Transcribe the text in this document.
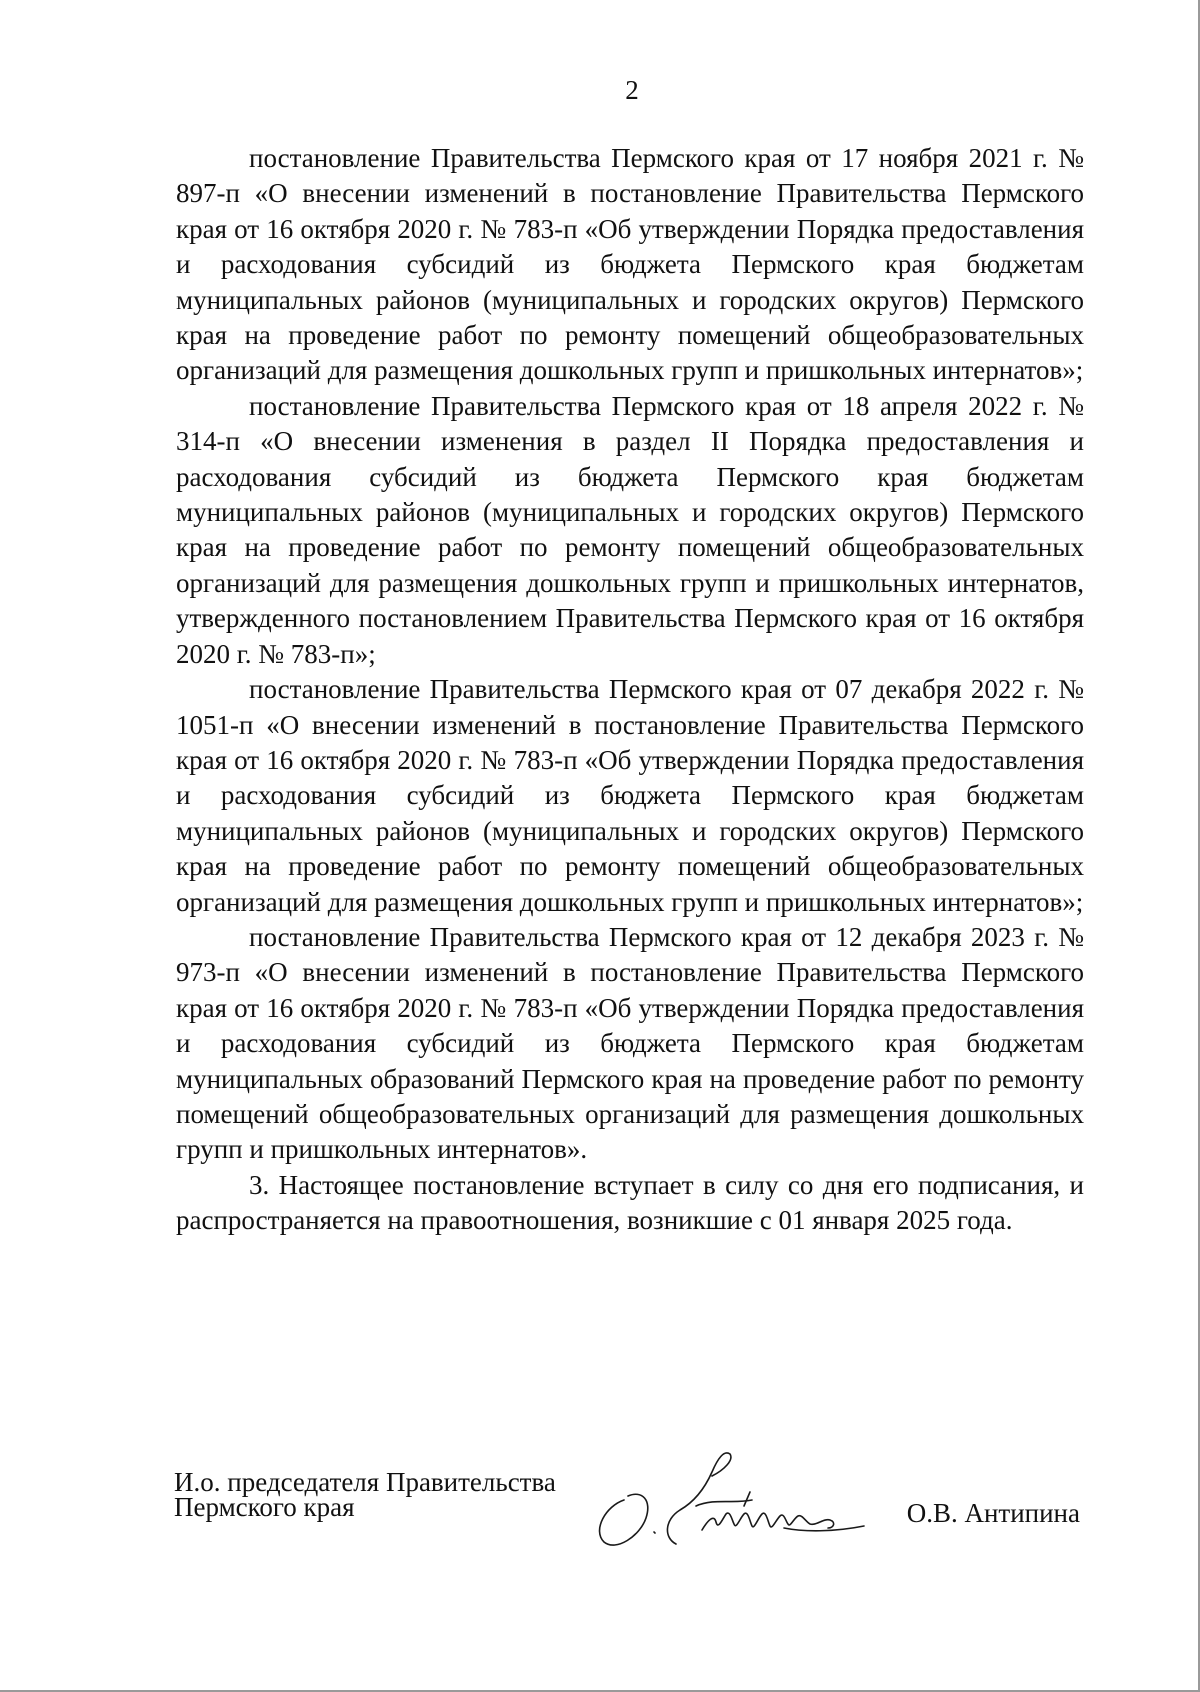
2

постановление Правительства Пермского края от 17 ноября 2021 г. № 897-п «О внесении изменений в постановление Правительства Пермского края от 16 октября 2020 г. № 783-п «Об утверждении Порядка предоставления и расходования субсидий из бюджета Пермского края бюджетам муниципальных районов (муниципальных и городских округов) Пермского края на проведение работ по ремонту помещений общеобразовательных организаций для размещения дошкольных групп и пришкольных интернатов»;

постановление Правительства Пермского края от 18 апреля 2022 г. № 314-п «О внесении изменения в раздел II Порядка предоставления и расходования субсидий из бюджета Пермского края бюджетам муниципальных районов (муниципальных и городских округов) Пермского края на проведение работ по ремонту помещений общеобразовательных организаций для размещения дошкольных групп и пришкольных интернатов, утвержденного постановлением Правительства Пермского края от 16 октября 2020 г. № 783-п»;

постановление Правительства Пермского края от 07 декабря 2022 г. № 1051-п «О внесении изменений в постановление Правительства Пермского края от 16 октября 2020 г. № 783-п «Об утверждении Порядка предоставления и расходования субсидий из бюджета Пермского края бюджетам муниципальных районов (муниципальных и городских округов) Пермского края на проведение работ по ремонту помещений общеобразовательных организаций для размещения дошкольных групп и пришкольных интернатов»;

постановление Правительства Пермского края от 12 декабря 2023 г. № 973-п «О внесении изменений в постановление Правительства Пермского края от 16 октября 2020 г. № 783-п «Об утверждении Порядка предоставления и расходования субсидий из бюджета Пермского края бюджетам муниципальных образований Пермского края на проведение работ по ремонту помещений общеобразовательных организаций для размещения дошкольных групп и пришкольных интернатов».

3. Настоящее постановление вступает в силу со дня его подписания, и распространяется на правоотношения, возникшие с 01 января 2025 года.

И.о. председателя Правительства
Пермского края	О.В. Антипина
